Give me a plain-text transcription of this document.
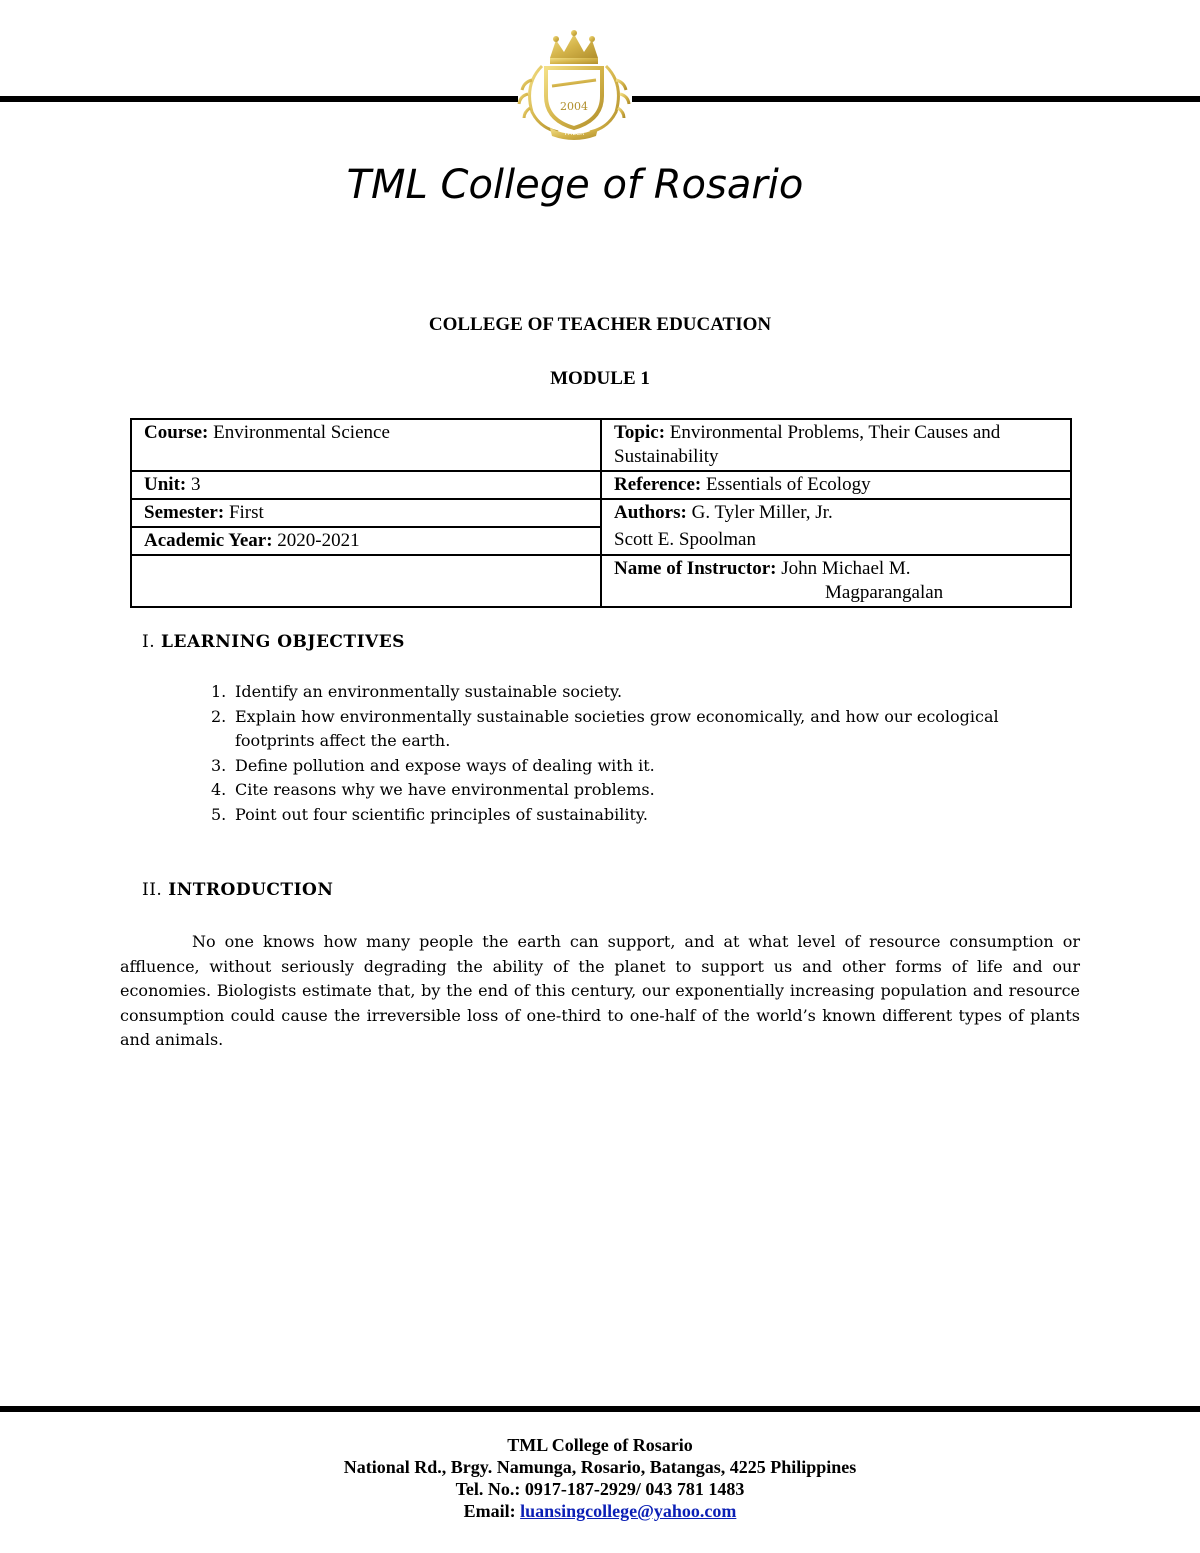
2004
TMLCR
TML College of Rosario
COLLEGE OF TEACHER EDUCATION
MODULE 1
Course: Environmental Science	Topic: Environmental Problems, Their Causes and Sustainability
Unit: 3	Reference: Essentials of Ecology
Semester: First	Authors: G. Tyler Miller, Jr.
Academic Year: 2020-2021	Scott E. Spoolman
	Name of Instructor: John Michael M.
Magparangalan
I. LEARNING OBJECTIVES
1. Identify an environmentally sustainable society.
2. Explain how environmentally sustainable societies grow economically, and how our ecological footprints affect the earth.
3. Define pollution and expose ways of dealing with it.
4. Cite reasons why we have environmental problems.
5. Point out four scientific principles of sustainability.
II. INTRODUCTION

No one knows how many people the earth can support, and at what level of resource consumption or affluence, without seriously degrading the ability of the planet to support us and other forms of life and our economies. Biologists estimate that, by the end of this century, our exponentially increasing population and resource consumption could cause the irreversible loss of one-third to one-half of the world’s known different types of plants and animals.

TML College of Rosario
National Rd., Brgy. Namunga, Rosario, Batangas, 4225 Philippines
Tel. No.: 0917-187-2929/ 043 781 1483
Email: luansingcollege@yahoo.com
